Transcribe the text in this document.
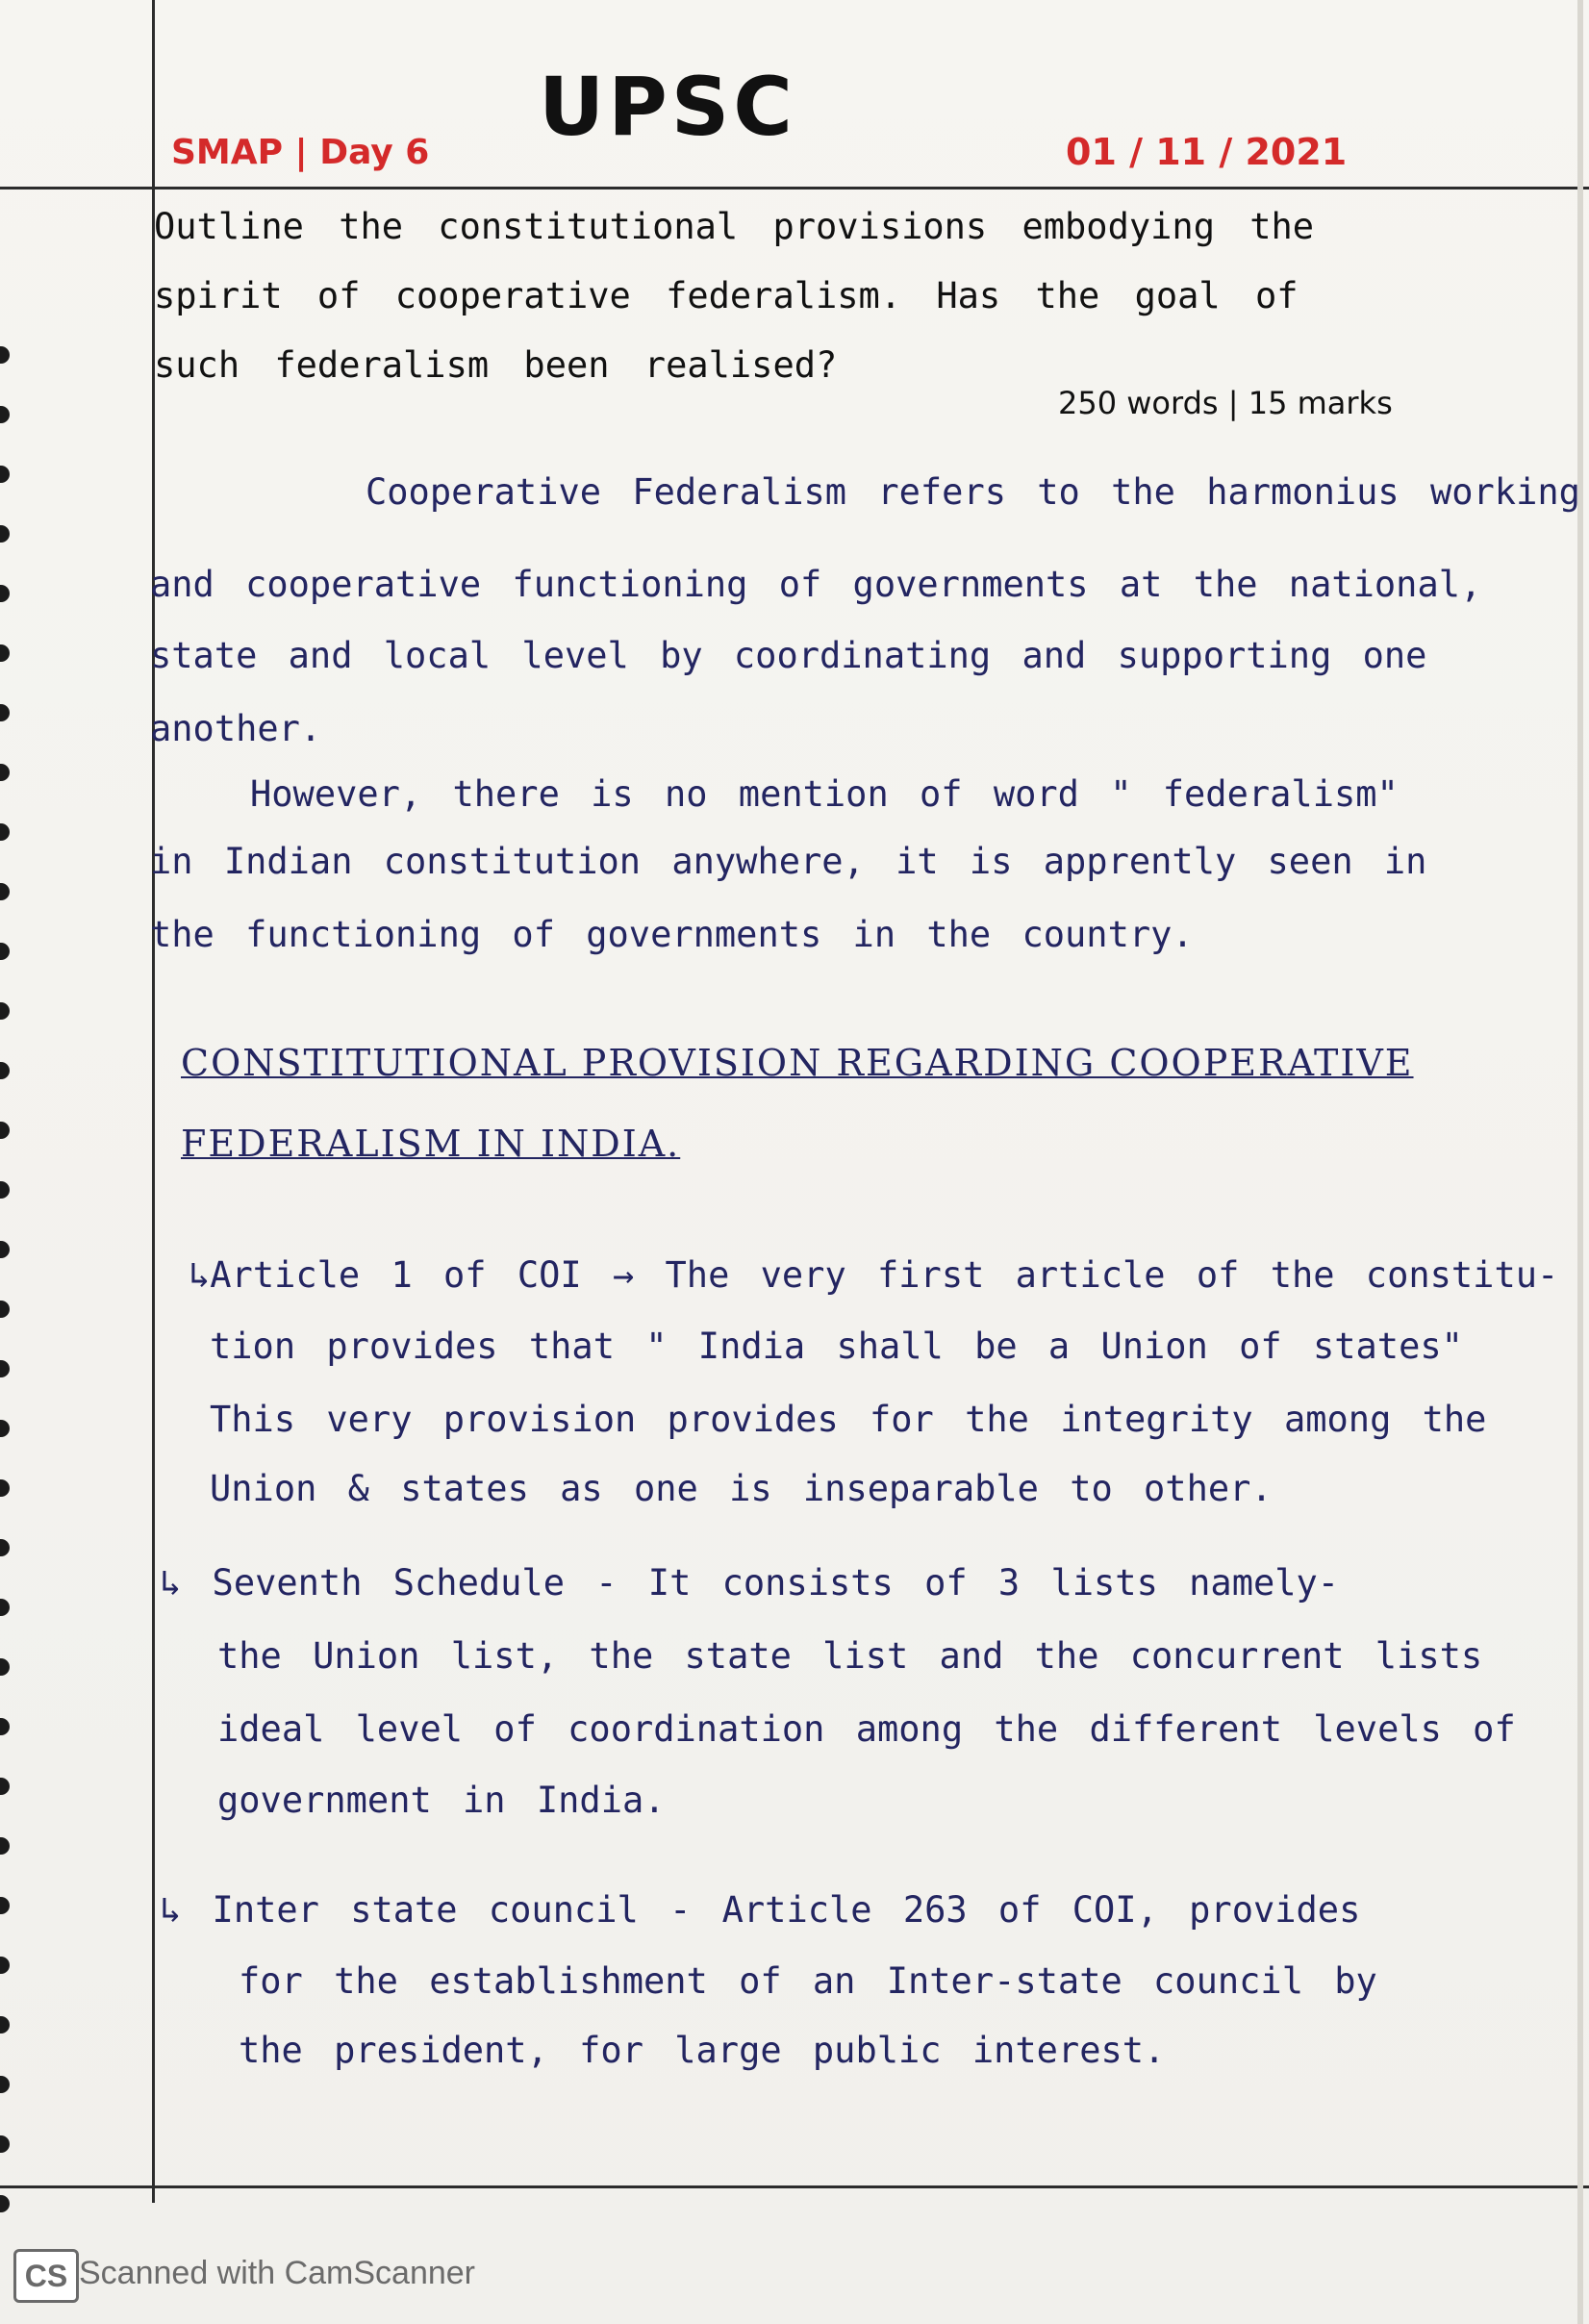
UPSC
SMAP | Day 6	01 / 11 / 2021
Outline the constitutional provisions embodying the spirit of cooperative federalism. Has the goal of such federalism been realised?
250 words | 15 marks
Cooperative Federalism refers to the harmonius working
and cooperative functioning of governments at the national,
state and local level by coordinating and supporting one
another.
However, there is no mention of word " federalism"
in Indian constitution anywhere, it is apprently seen in
the functioning of governments in the country.
CONSTITUTIONAL PROVISION REGARDING COOPERATIVE
FEDERALISM IN INDIA.
↳Article 1 of COI → The very first article of the constitu-
tion provides that " India shall be a Union of states"
This very provision provides for the integrity among the
Union & states as one is inseparable to other.
↳ Seventh Schedule - It consists of 3 lists namely-
the Union list, the state list and the concurrent lists
ideal level of coordination among the different levels of
government in India.
↳ Inter state council - Article 263 of COI, provides
for the establishment of an Inter-state council by
the president, for large public interest.
CS Scanned with CamScanner
